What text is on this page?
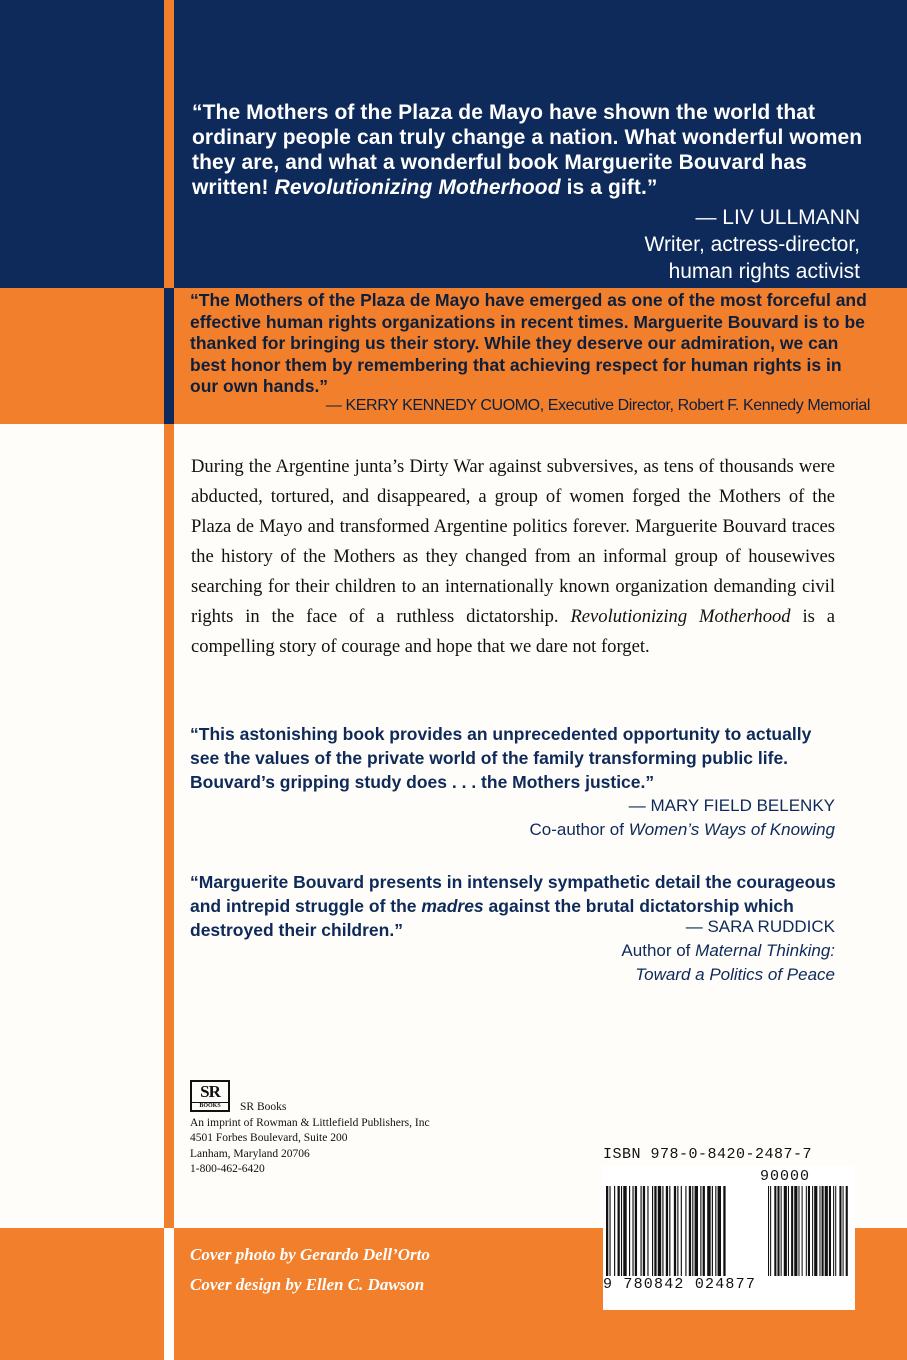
“The Mothers of the Plaza de Mayo have shown the world that ordinary people can truly change a nation. What wonderful women they are, and what a wonderful book Marguerite Bouvard has written! Revolutionizing Motherhood is a gift.”
— LIV ULLMANN
Writer, actress-director,
human rights activist
“The Mothers of the Plaza de Mayo have emerged as one of the most forceful and effective human rights organizations in recent times. Marguerite Bouvard is to be thanked for bringing us their story. While they deserve our admiration, we can best honor them by remembering that achieving respect for human rights is in our own hands.”
— KERRY KENNEDY CUOMO, Executive Director, Robert F. Kennedy Memorial
During the Argentine junta’s Dirty War against subversives, as tens of thousands were abducted, tortured, and disappeared, a group of women forged the Mothers of the Plaza de Mayo and transformed Argentine politics forever. Marguerite Bouvard traces the history of the Mothers as they changed from an informal group of housewives searching for their children to an internationally known organization demanding civil rights in the face of a ruthless dictatorship. Revolutionizing Motherhood is a compelling story of courage and hope that we dare not forget.
“This astonishing book provides an unprecedented opportunity to actually see the values of the private world of the family transforming public life. Bouvard’s gripping study does . . . the Mothers justice.”
— MARY FIELD BELENKY
Co-author of Women’s Ways of Knowing
“Marguerite Bouvard presents in intensely sympathetic detail the courageous and intrepid struggle of the madres against the brutal dictatorship which destroyed their children.”	— SARA RUDDICK
Author of Maternal Thinking:
Toward a Politics of Peace
SR
BOOKS	SR Books
An imprint of Rowman & Littlefield Publishers, Inc
4501 Forbes Boulevard, Suite 200
Lanham, Maryland 20706
1-800-462-6420
ISBN 978-0-8420-2487-7
90000
9 780842 024877
Cover photo by Gerardo Dell’Orto
Cover design by Ellen C. Dawson
